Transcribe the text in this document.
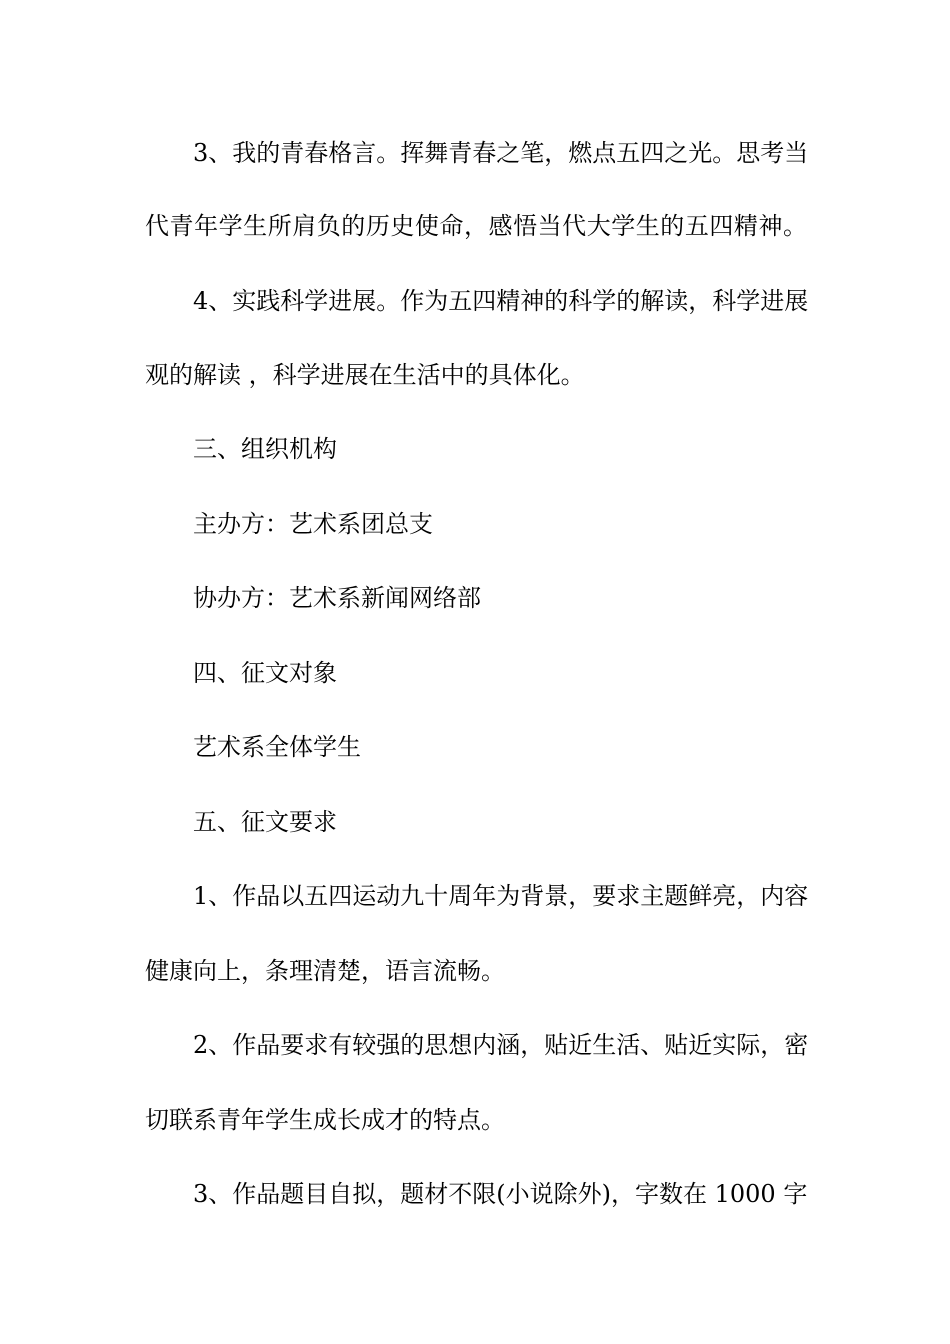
3、我的青春格言。挥舞青春之笔，燃点五四之光。思考当
代青年学生所肩负的历史使命，感悟当代大学生的五四精神。
4、实践科学进展。作为五四精神的科学的解读，科学进展
观的解读 ，科学进展在生活中的具体化。
三、组织机构
主办方：艺术系团总支
协办方：艺术系新闻网络部
四、征文对象
艺术系全体学生
五、征文要求
1、作品以五四运动九十周年为背景，要求主题鲜亮，内容
健康向上，条理清楚，语言流畅。
2、作品要求有较强的思想内涵，贴近生活、贴近实际，密
切联系青年学生成长成才的特点。
3、作品题目自拟，题材不限(小说除外)，字数在 1000 字
